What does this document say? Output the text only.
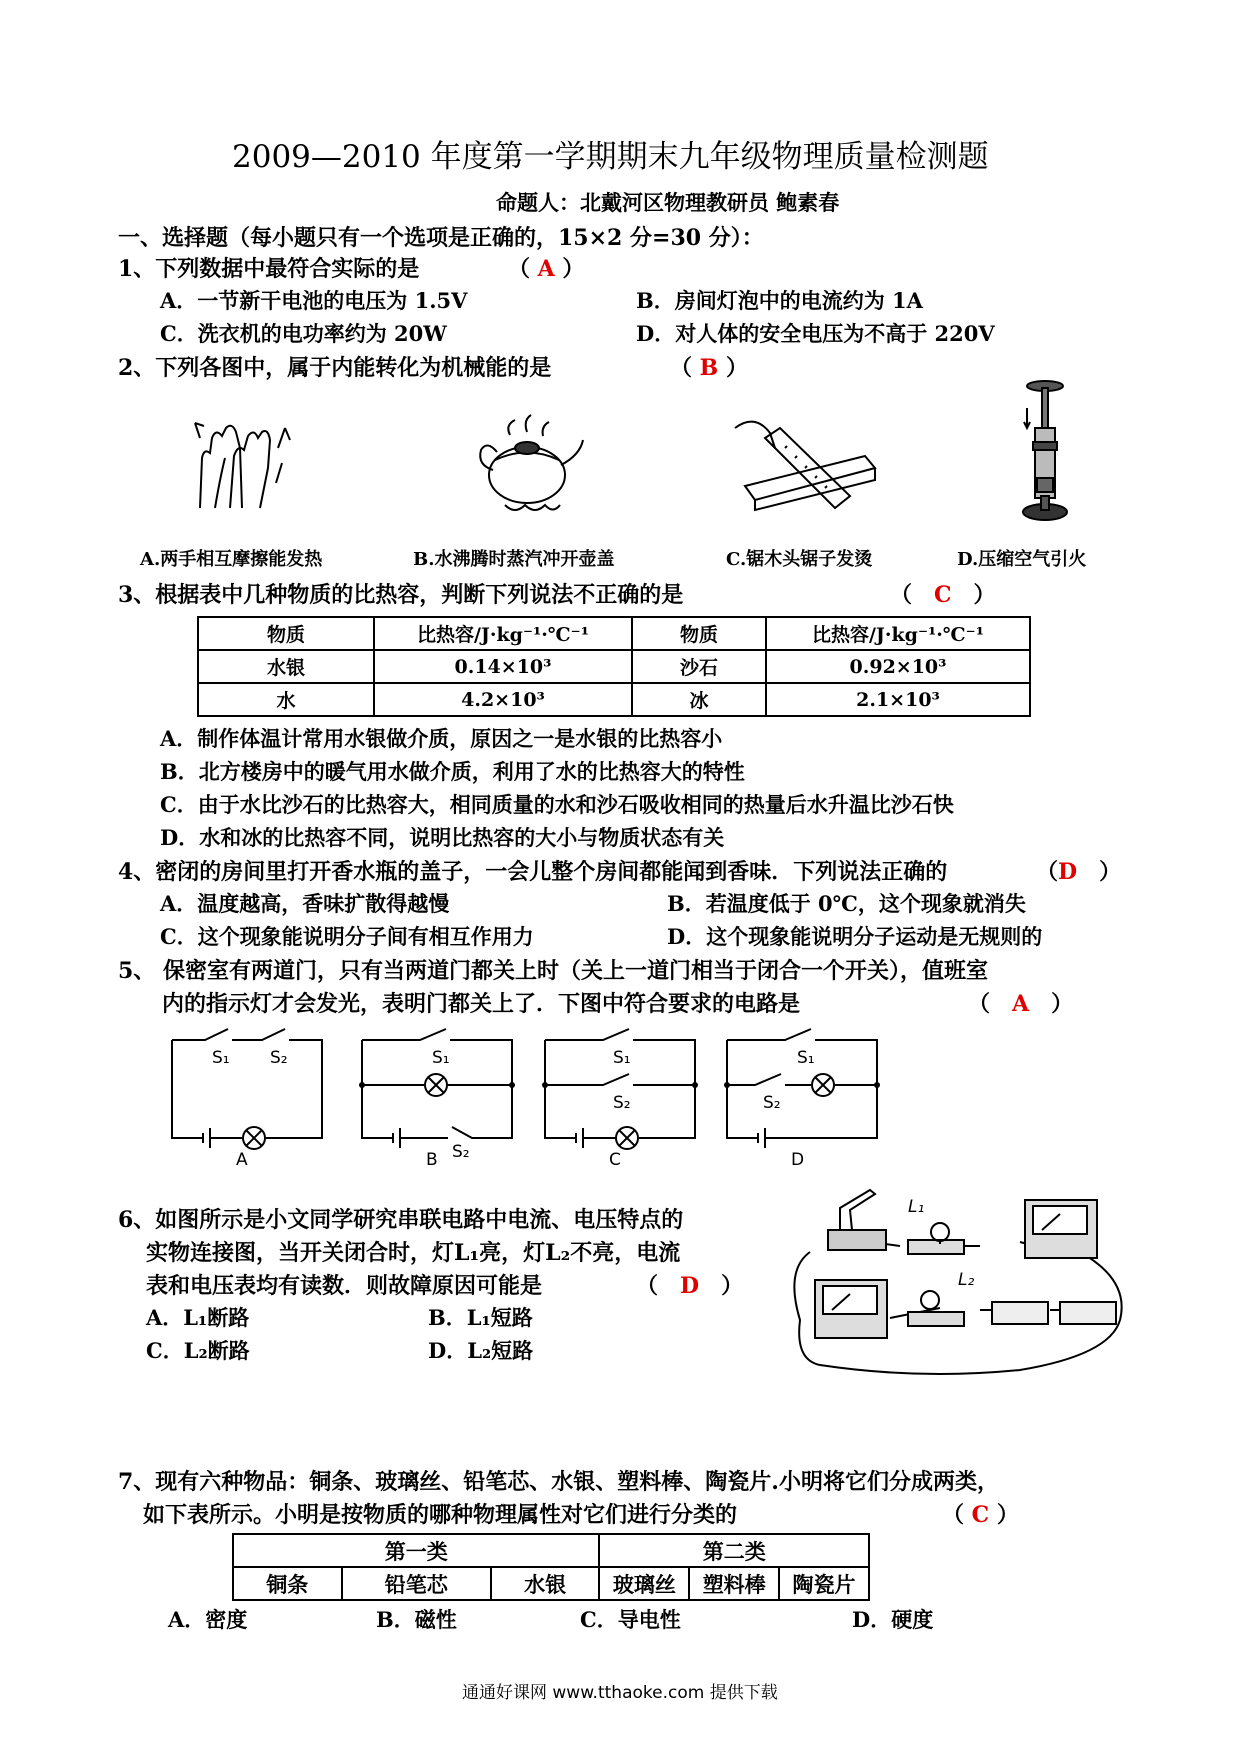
2009—2010 年度第一学期期末九年级物理质量检测题
命题人：北戴河区物理教研员 鲍素春
一、选择题（每小题只有一个选项是正确的，15×2 分=30 分）：
1、下列数据中最符合实际的是	（ A ）
A．一节新干电池的电压为 1.5V	B．房间灯泡中的电流约为 1A
C．洗衣机的电功率约为 20W	D．对人体的安全电压为不高于 220V
2、下列各图中，属于内能转化为机械能的是	（ B ）
A.两手相互摩擦能发热	B.水沸腾时蒸汽冲开壶盖	C.锯木头锯子发烫	D.压缩空气引火
3、根据表中几种物质的比热容，判断下列说法不正确的是	（　C　）
物质	比热容/J·kg⁻¹·℃⁻¹	物质	比热容/J·kg⁻¹·℃⁻¹
水银	0.14×10³	沙石	0.92×10³
水	4.2×10³	冰	2.1×10³
A．制作体温计常用水银做介质，原因之一是水银的比热容小
B．北方楼房中的暖气用水做介质，利用了水的比热容大的特性
C．由于水比沙石的比热容大，相同质量的水和沙石吸收相同的热量后水升温比沙石快
D．水和冰的比热容不同，说明比热容的大小与物质状态有关
4、密闭的房间里打开香水瓶的盖子，一会儿整个房间都能闻到香味．下列说法正确的	（D　）
A．温度越高，香味扩散得越慢	B．若温度低于 0℃，这个现象就消失
C．这个现象能说明分子间有相互作用力	D．这个现象能说明分子运动是无规则的
5、 保密室有两道门，只有当两道门都关上时（关上一道门相当于闭合一个开关），值班室
内的指示灯才会发光，表明门都关上了．下图中符合要求的电路是	（　A　）
S₁ S₂
A
S₁
S₂
B
S₁
S₂
C
S₁
S₂
D
6、如图所示是小文同学研究串联电路中电流、电压特点的
实物连接图，当开关闭合时，灯L₁亮，灯L₂不亮，电流
表和电压表均有读数．则故障原因可能是	（　D　）
A．L₁断路	B．L₁短路
C．L₂断路	D．L₂短路
L₁
L₂
7、现有六种物品：铜条、玻璃丝、铅笔芯、水银、塑料棒、陶瓷片.小明将它们分成两类，
如下表所示。小明是按物质的哪种物理属性对它们进行分类的	（ C ）
第一类			第二类		
铜条	铅笔芯	水银	玻璃丝	塑料棒	陶瓷片
A．密度	B．磁性	C．导电性	D．硬度
通通好课网 www.tthaoke.com 提供下载
